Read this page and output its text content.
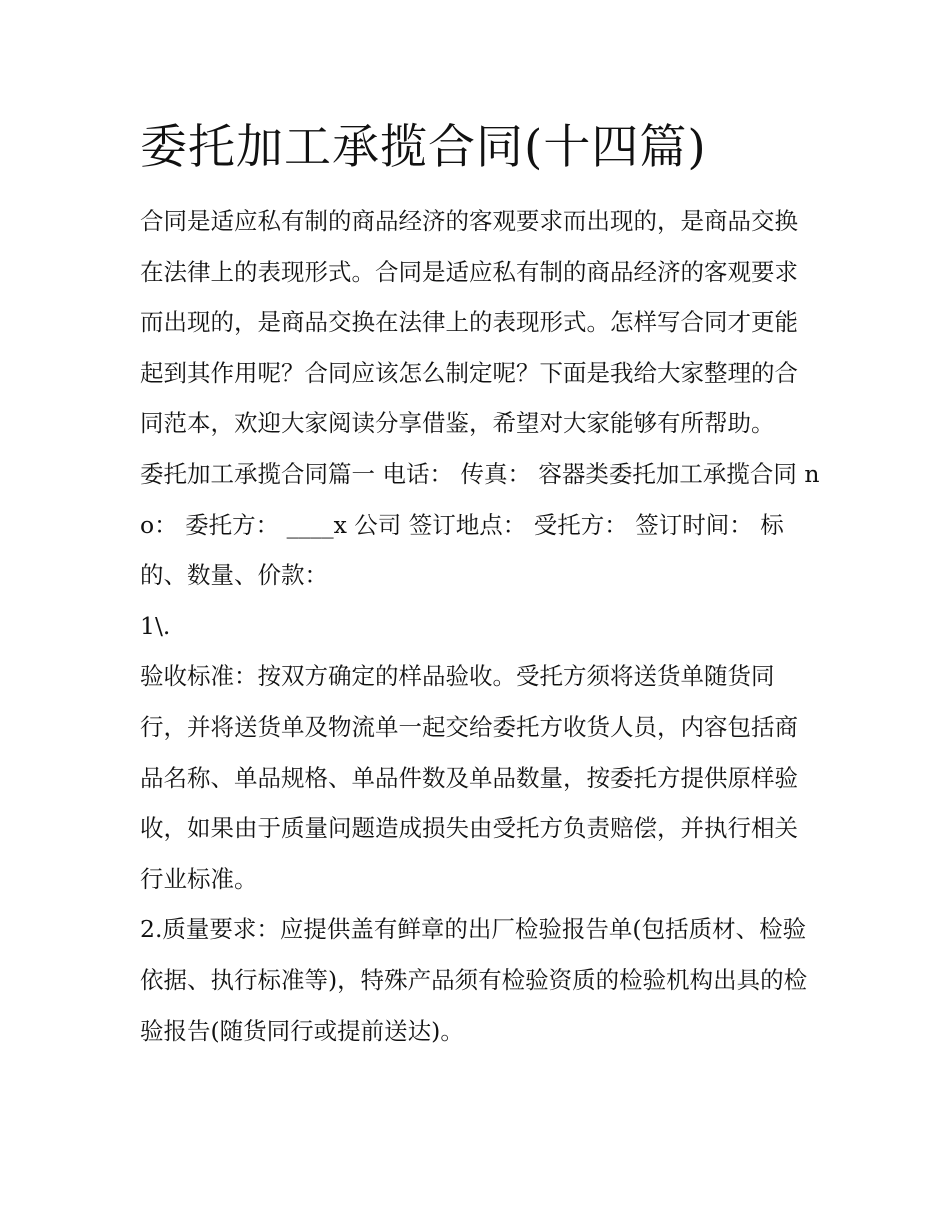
委托加工承揽合同(十四篇)

合同是适应私有制的商品经济的客观要求而出现的，是商品交换在法律上的表现形式。合同是适应私有制的商品经济的客观要求而出现的，是商品交换在法律上的表现形式。怎样写合同才更能起到其作用呢？合同应该怎么制定呢？下面是我给大家整理的合同范本，欢迎大家阅读分享借鉴，希望对大家能够有所帮助。

委托加工承揽合同篇一 电话： 传真： 容器类委托加工承揽合同 no： 委托方： ____x 公司 签订地点： 受托方： 签订时间： 标的、数量、价款：

1\.

验收标准：按双方确定的样品验收。受托方须将送货单随货同行，并将送货单及物流单一起交给委托方收货人员，内容包括商品名称、单品规格、单品件数及单品数量，按委托方提供原样验收，如果由于质量问题造成损失由受托方负责赔偿，并执行相关行业标准。

2.质量要求：应提供盖有鲜章的出厂检验报告单(包括质材、检验依据、执行标准等)，特殊产品须有检验资质的检验机构出具的检验报告(随货同行或提前送达)。
